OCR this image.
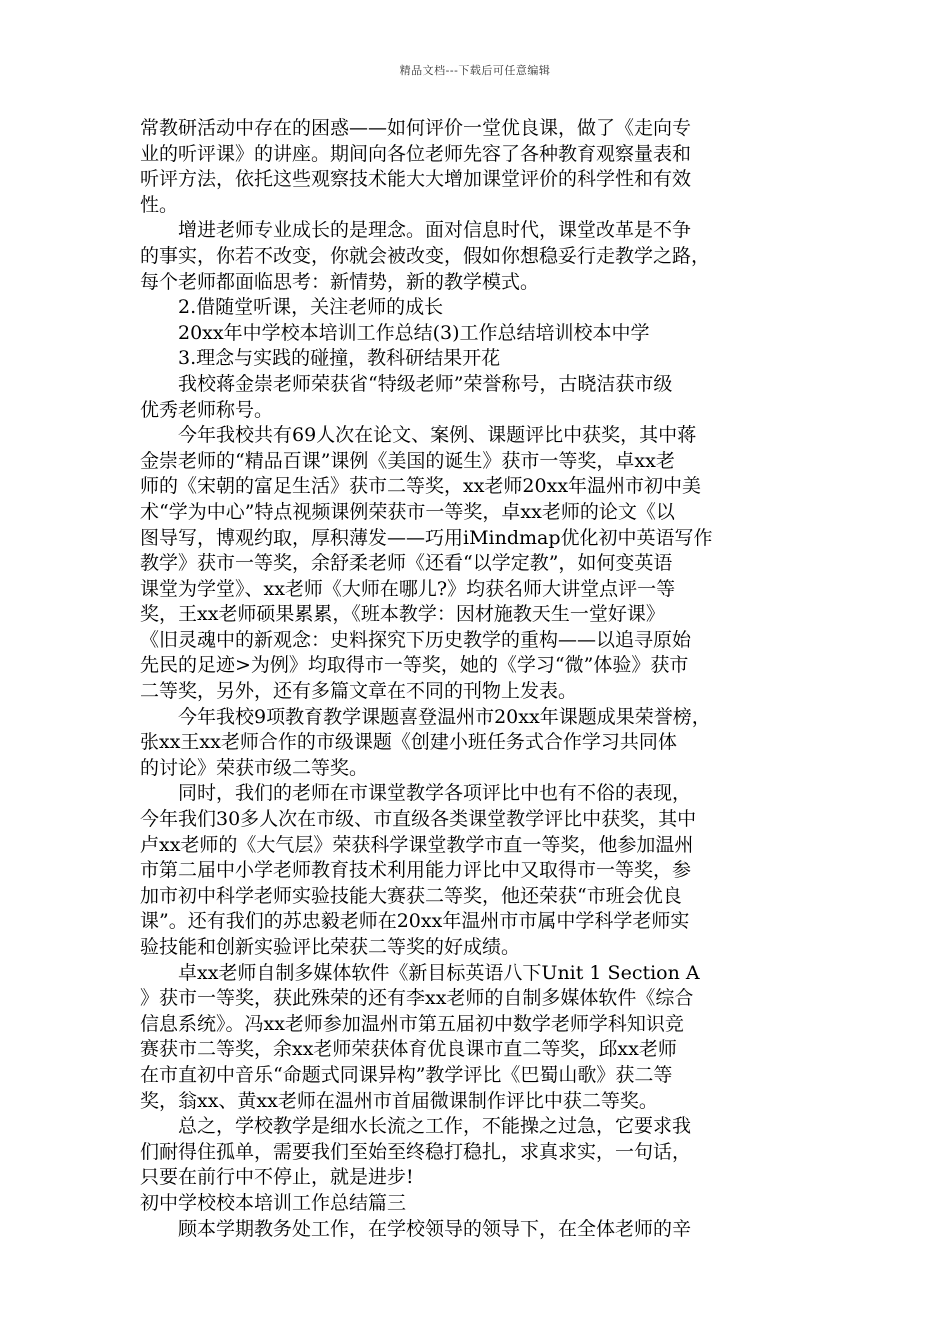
精品文档---下载后可任意编辑
常教研活动中存在的困惑——如何评价一堂优良课，做了《走向专
业的听评课》的讲座。期间向各位老师先容了各种教育观察量表和
听评方法，依托这些观察技术能大大增加课堂评价的科学性和有效
性。
　　增进老师专业成长的是理念。面对信息时代，课堂改革是不争
的事实，你若不改变，你就会被改变，假如你想稳妥行走教学之路，
每个老师都面临思考：新情势，新的教学模式。
　　2.借随堂听课，关注老师的成长
　　20xx年中学校本培训工作总结(3)工作总结培训校本中学
　　3.理念与实践的碰撞，教科研结果开花
　　我校蒋金崇老师荣获省“特级老师”荣誉称号，古晓洁获市级
优秀老师称号。
　　今年我校共有69人次在论文、案例、课题评比中获奖，其中蒋
金崇老师的“精品百课”课例《美国的诞生》获市一等奖，卓xx老
师的《宋朝的富足生活》获市二等奖，xx老师20xx年温州市初中美
术“学为中心”特点视频课例荣获市一等奖，卓xx老师的论文《以
图导写，博观约取，厚积薄发——巧用iMindmap优化初中英语写作
教学》获市一等奖，余舒柔老师《还看“以学定教”，如何变英语
课堂为学堂》、xx老师《大师在哪儿?》均获名师大讲堂点评一等
奖，王xx老师硕果累累，《班本教学：因材施教天生一堂好课》
《旧灵魂中的新观念：史料探究下历史教学的重构——以追寻原始
先民的足迹>为例》均取得市一等奖，她的《学习“微”体验》获市
二等奖，另外，还有多篇文章在不同的刊物上发表。
　　今年我校9项教育教学课题喜登温州市20xx年课题成果荣誉榜，
张xx王xx老师合作的市级课题《创建小班任务式合作学习共同体
的讨论》荣获市级二等奖。
　　同时，我们的老师在市课堂教学各项评比中也有不俗的表现，
今年我们30多人次在市级、市直级各类课堂教学评比中获奖，其中
卢xx老师的《大气层》荣获科学课堂教学市直一等奖，他参加温州
市第二届中小学老师教育技术利用能力评比中又取得市一等奖，参
加市初中科学老师实验技能大赛获二等奖，他还荣获“市班会优良
课”。还有我们的苏忠毅老师在20xx年温州市市属中学科学老师实
验技能和创新实验评比荣获二等奖的好成绩。
　　卓xx老师自制多媒体软件《新目标英语八下Unit 1 Section A
》获市一等奖，获此殊荣的还有李xx老师的自制多媒体软件《综合
信息系统》。冯xx老师参加温州市第五届初中数学老师学科知识竞
赛获市二等奖，余xx老师荣获体育优良课市直二等奖，邱xx老师
在市直初中音乐“命题式同课异构”教学评比《巴蜀山歌》获二等
奖，翁xx、黄xx老师在温州市首届微课制作评比中获二等奖。
　　总之，学校教学是细水长流之工作，不能操之过急，它要求我
们耐得住孤单，需要我们至始至终稳打稳扎，求真求实，一句话，
只要在前行中不停止，就是进步!
初中学校校本培训工作总结篇三
　　顾本学期教务处工作，在学校领导的领导下，在全体老师的辛
